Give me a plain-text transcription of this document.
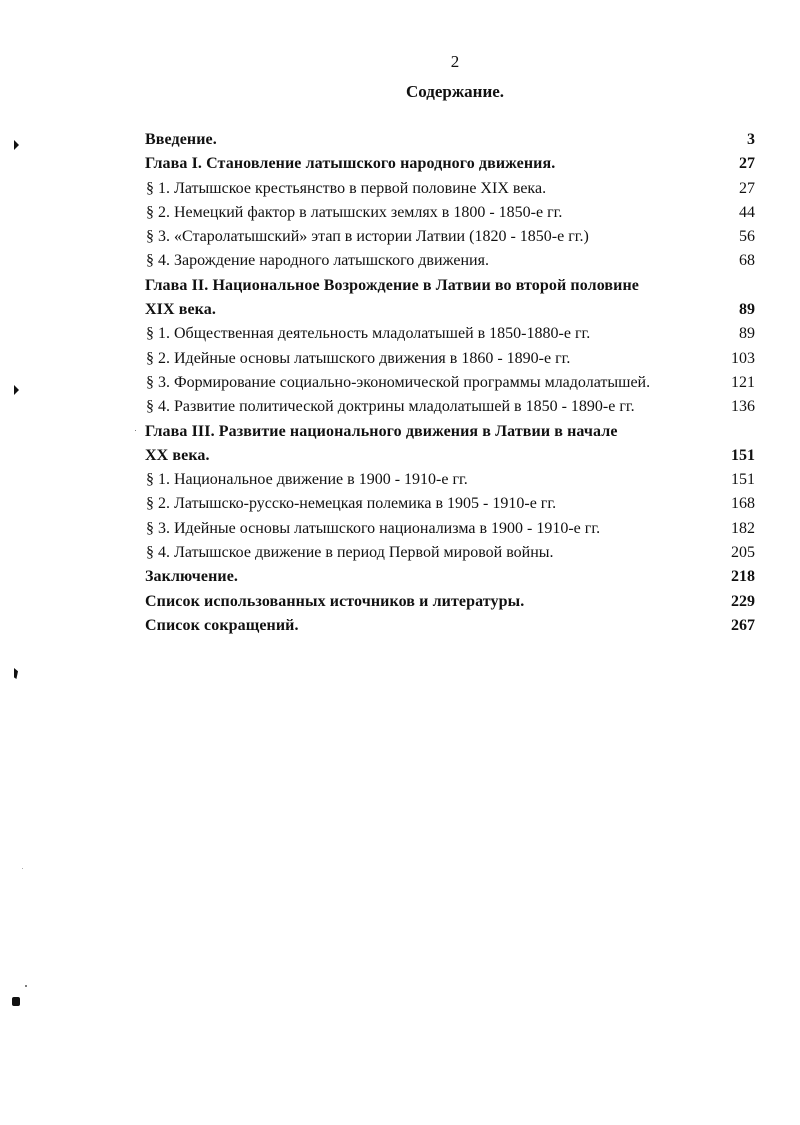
2
Содержание.
Введение.	3
Глава I. Становление латышского народного движения.	27
§ 1. Латышское крестьянство в первой половине XIX века.	27
§ 2. Немецкий фактор в латышских землях в 1800 - 1850-е гг.	44
§ 3. «Старолатышский» этап в истории Латвии (1820 - 1850-е гг.)	56
§ 4. Зарождение народного латышского движения.	68
Глава II. Национальное Возрождение в Латвии во второй половине
XIX века.	89
§ 1. Общественная деятельность младолатышей в 1850-1880-е гг.	89
§ 2. Идейные основы латышского движения в 1860 - 1890-е гг.	103
§ 3. Формирование социально-экономической программы младолатышей.	121
§ 4. Развитие политической доктрины младолатышей в 1850 - 1890-е гг.	136
Глава III. Развитие национального движения в Латвии в начале
XX века.	151
§ 1. Национальное движение в 1900 - 1910-е гг.	151
§ 2. Латышско-русско-немецкая полемика в 1905 - 1910-е гг.	168
§ 3. Идейные основы латышского национализма в 1900 - 1910-е гг.	182
§ 4. Латышское движение в период Первой мировой войны.	205
Заключение.	218
Список использованных источников и литературы.	229
Список сокращений.	267
